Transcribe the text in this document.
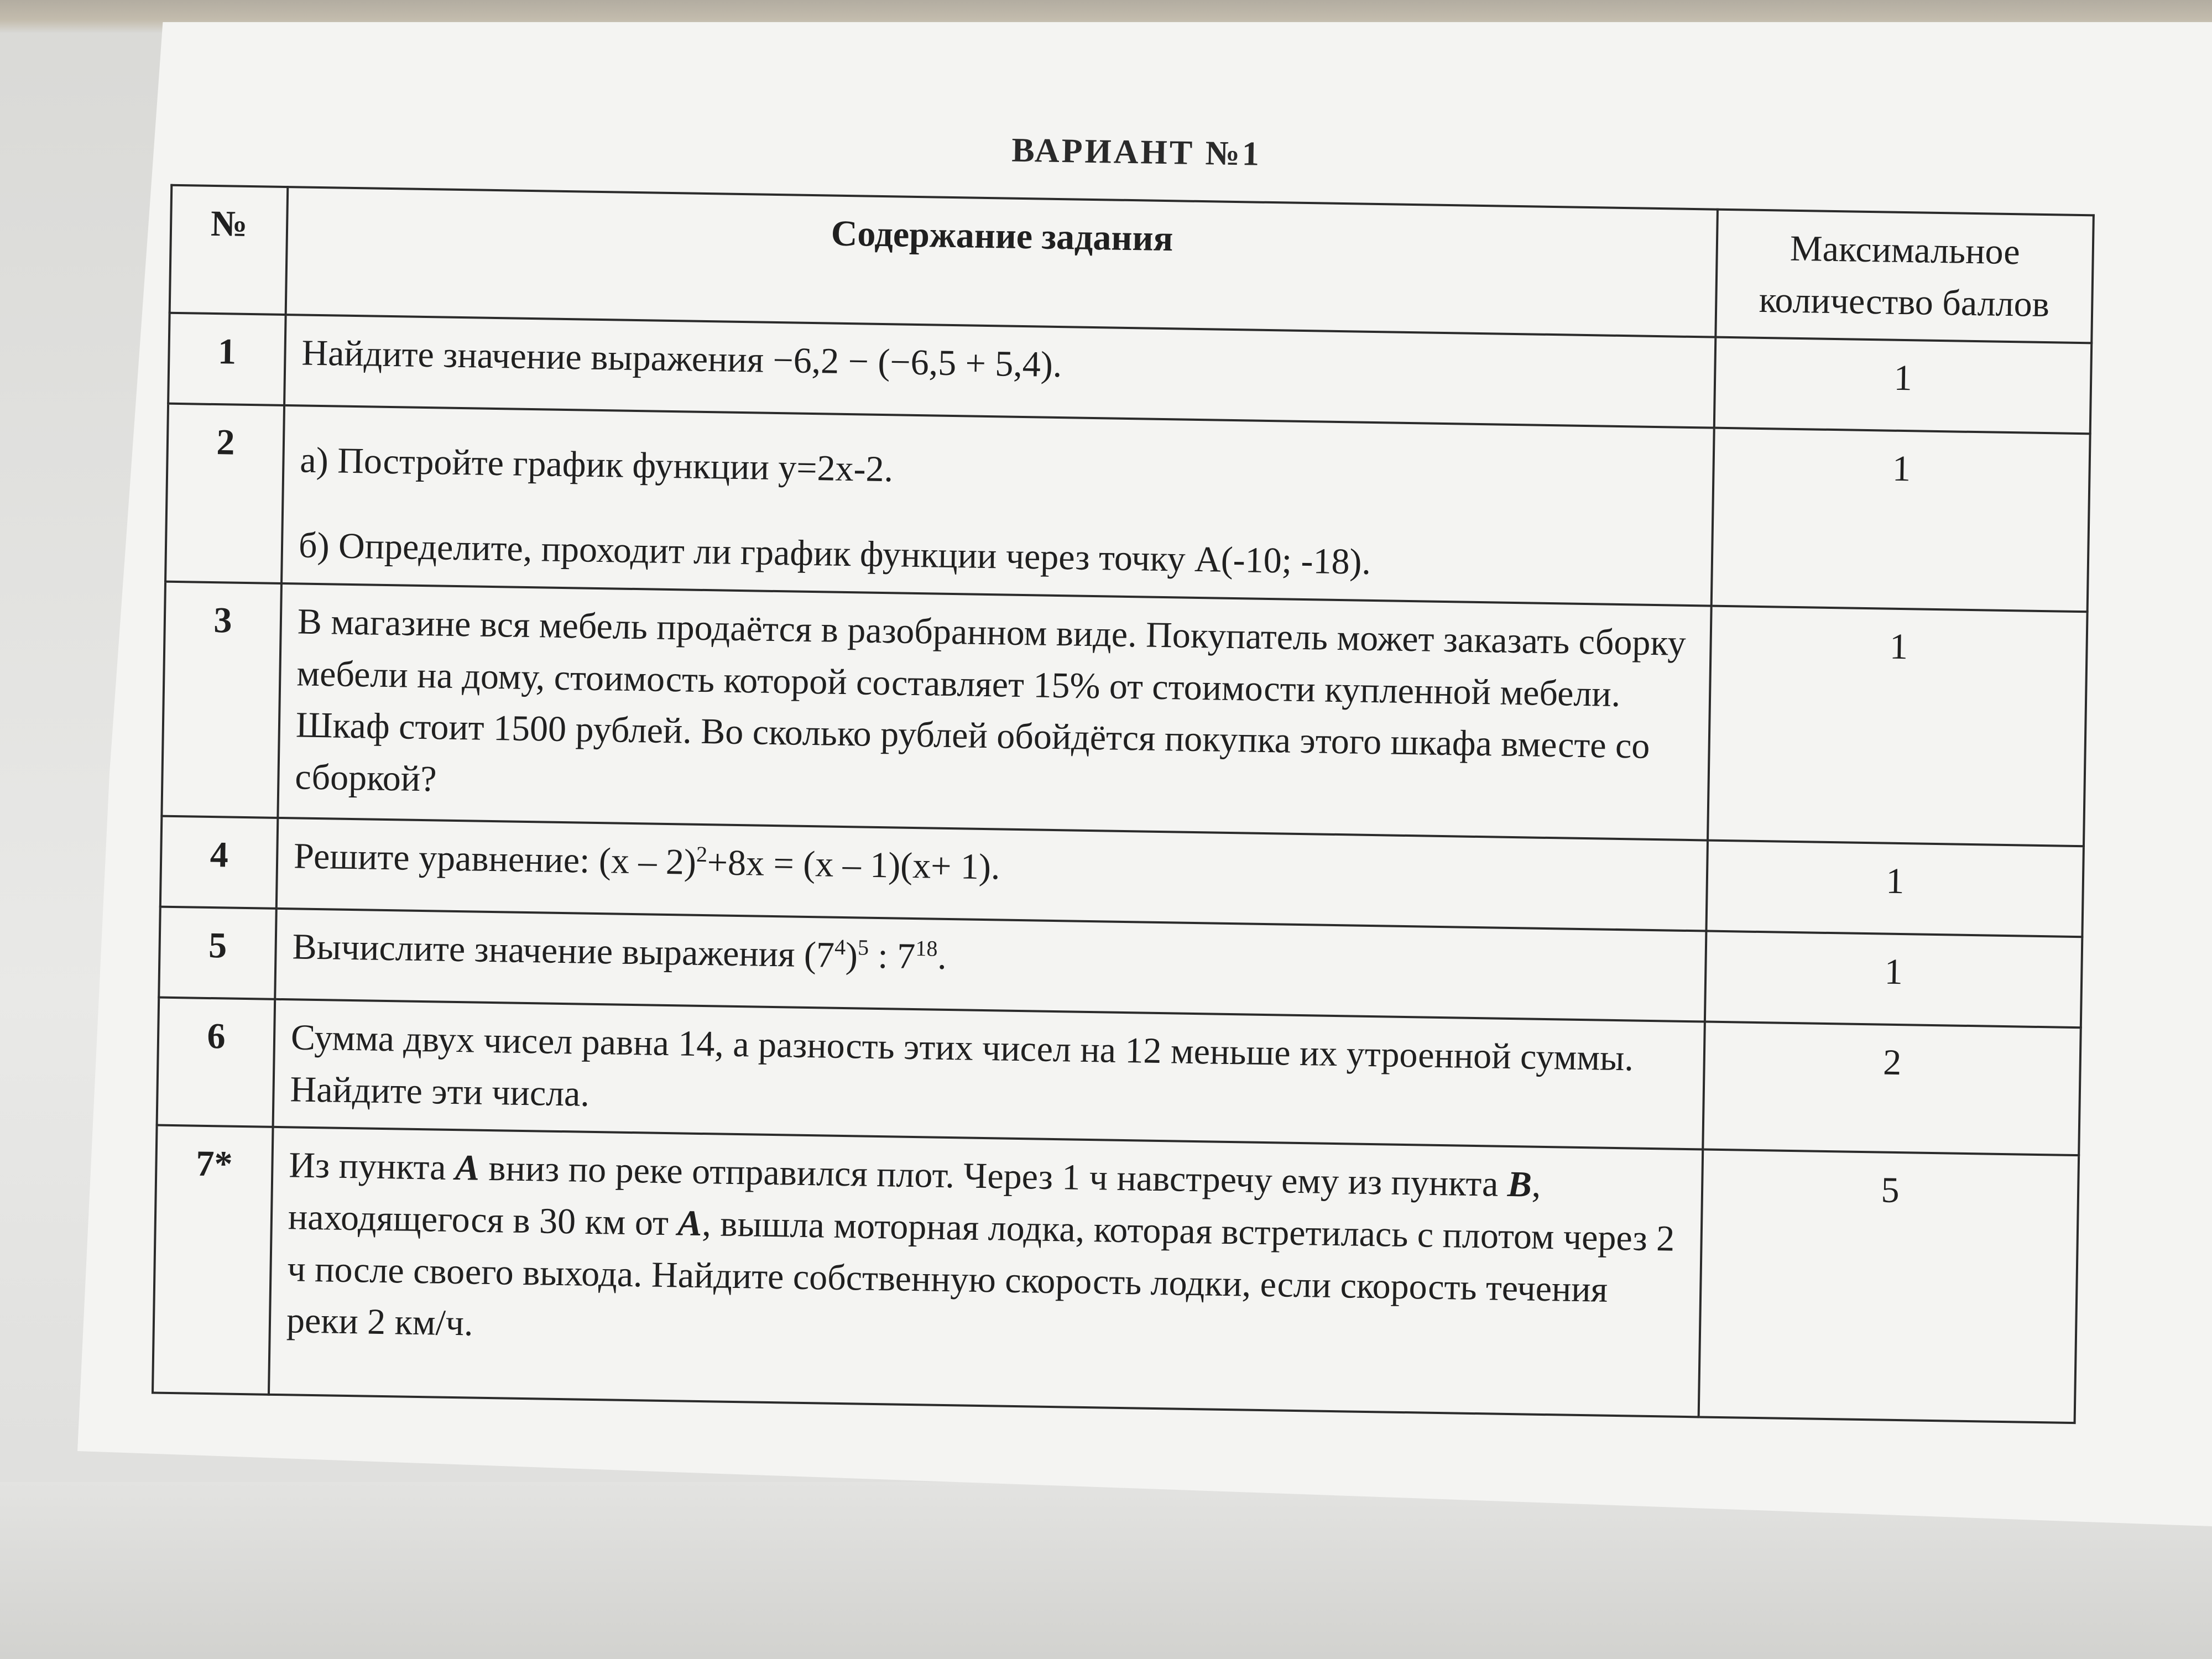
ВАРИАНТ №1
№	Содержание задания	Максимальное количество баллов
1	Найдите значение выражения −6,2 − (−6,5 + 5,4).	1
2	а) Постройте график функции у=2х-2.
б) Определите, проходит ли график функции через точку А(-10; -18).	1
3	В магазине вся мебель продаётся в разобранном виде. Покупатель может заказать сборку мебели на дому, стоимость которой составляет 15% от стоимости купленной мебели. Шкаф стоит 1500 рублей. Во сколько рублей обойдётся покупка этого шкафа вместе со сборкой?	1
4	Решите уравнение: (x – 2)$^2$+8x = (x – 1)(x+ 1).	1
5	Вычислите значение выражения $(7^4)^5$ : $7^{18}$.	1
6	Сумма двух чисел равна 14, а разность этих чисел на 12 меньше их утроенной суммы. Найдите эти числа.	2
7*	Из пункта A вниз по реке отправился плот. Через 1 ч навстречу ему из пункта B, находящегося в 30 км от A, вышла моторная лодка, которая встретилась с плотом через 2 ч после своего выхода. Найдите собственную скорость лодки, если скорость течения реки 2 км/ч.	5
